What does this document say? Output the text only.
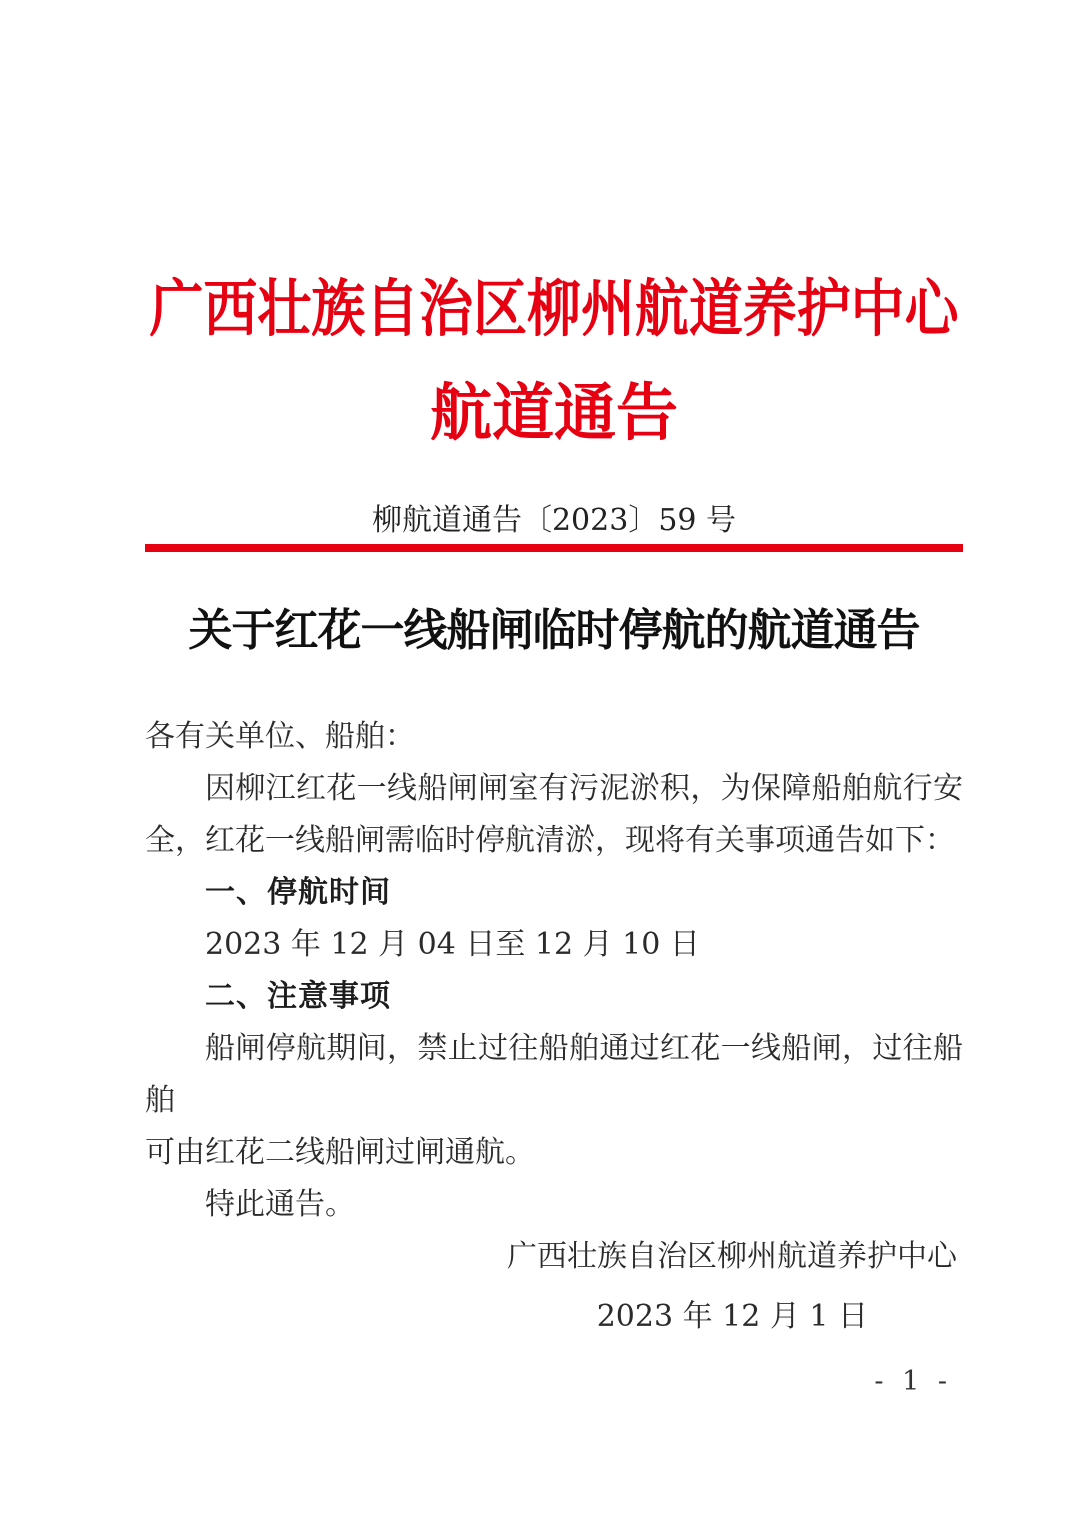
广西壮族自治区柳州航道养护中心
航道通告
柳航道通告〔2023〕59 号
关于红花一线船闸临时停航的航道通告
各有关单位、船舶：
因柳江红花一线船闸闸室有污泥淤积，为保障船舶航行安
全，红花一线船闸需临时停航清淤，现将有关事项通告如下：
一、停航时间
2023 年 12 月 04 日至 12 月 10 日
二、注意事项
船闸停航期间，禁止过往船舶通过红花一线船闸，过往船舶
可由红花二线船闸过闸通航。
特此通告。
广西壮族自治区柳州航道养护中心
2023 年 12 月 1 日
- 1 -
